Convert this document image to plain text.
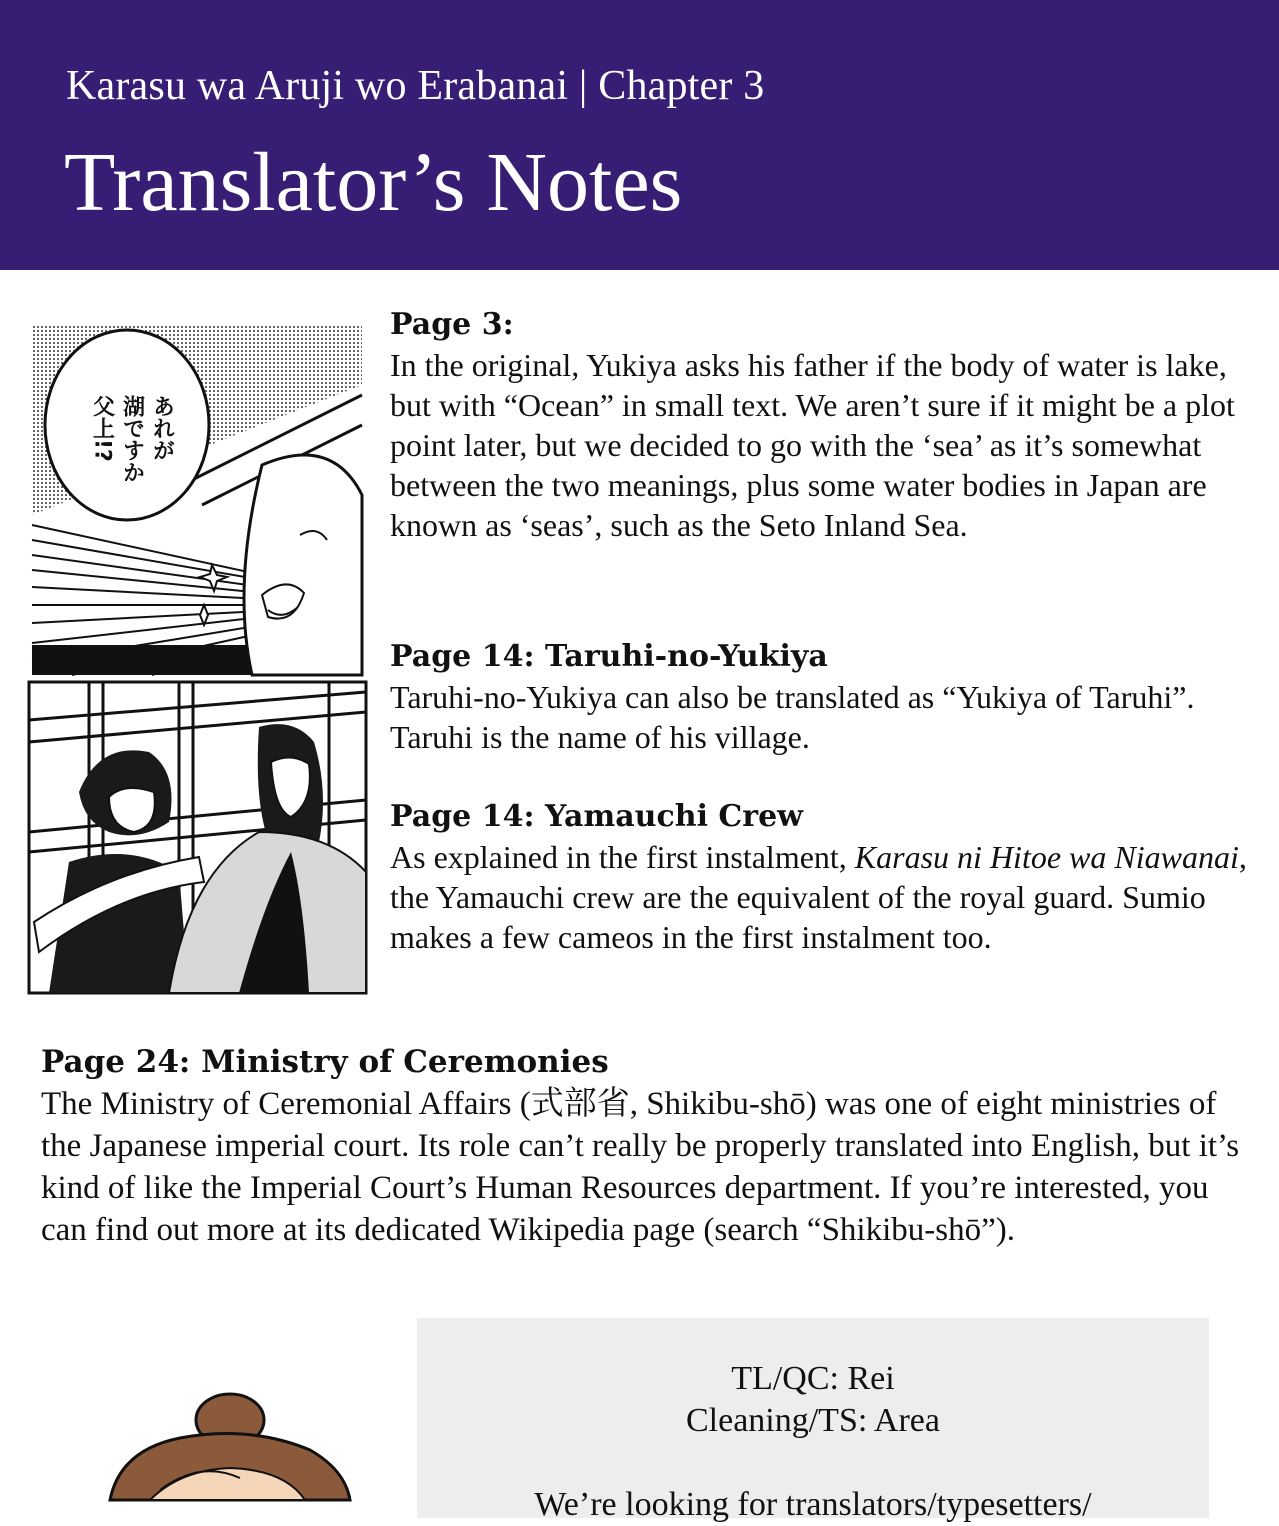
Karasu wa Aruji wo Erabanai | Chapter 3
Translator’s Notes
あれが
湖ですか
父上!?
Page 3:
In the original, Yukiya asks his father if the body of water is lake, but with “Ocean” in small text. We aren’t sure if it might be a plot point later, but we decided to go with the ‘sea’ as it’s somewhat between the two meanings, plus some water bodies in Japan are known as ‘seas’, such as the Seto Inland Sea.
Page 14: Taruhi-no-Yukiya
Taruhi-no-Yukiya can also be translated as “Yukiya of Taruhi”. Taruhi is the name of his village.
Page 14: Yamauchi Crew
As explained in the first instalment, Karasu ni Hitoe wa Niawanai, the Yamauchi crew are the equivalent of the royal guard. Sumio makes a few cameos in the first instalment too.
Page 24: Ministry of Ceremonies
The Ministry of Ceremonial Affairs (式部省, Shikibu-shō) was one of eight ministries of the Japanese imperial court. Its role can’t really be properly translated into English, but it’s kind of like the Imperial Court’s Human Resources department. If you’re interested, you can find out more at its dedicated Wikipedia page (search “Shikibu-shō”).
TL/QC: Rei
Cleaning/TS: Area
We’re looking for translators/typesetters/
